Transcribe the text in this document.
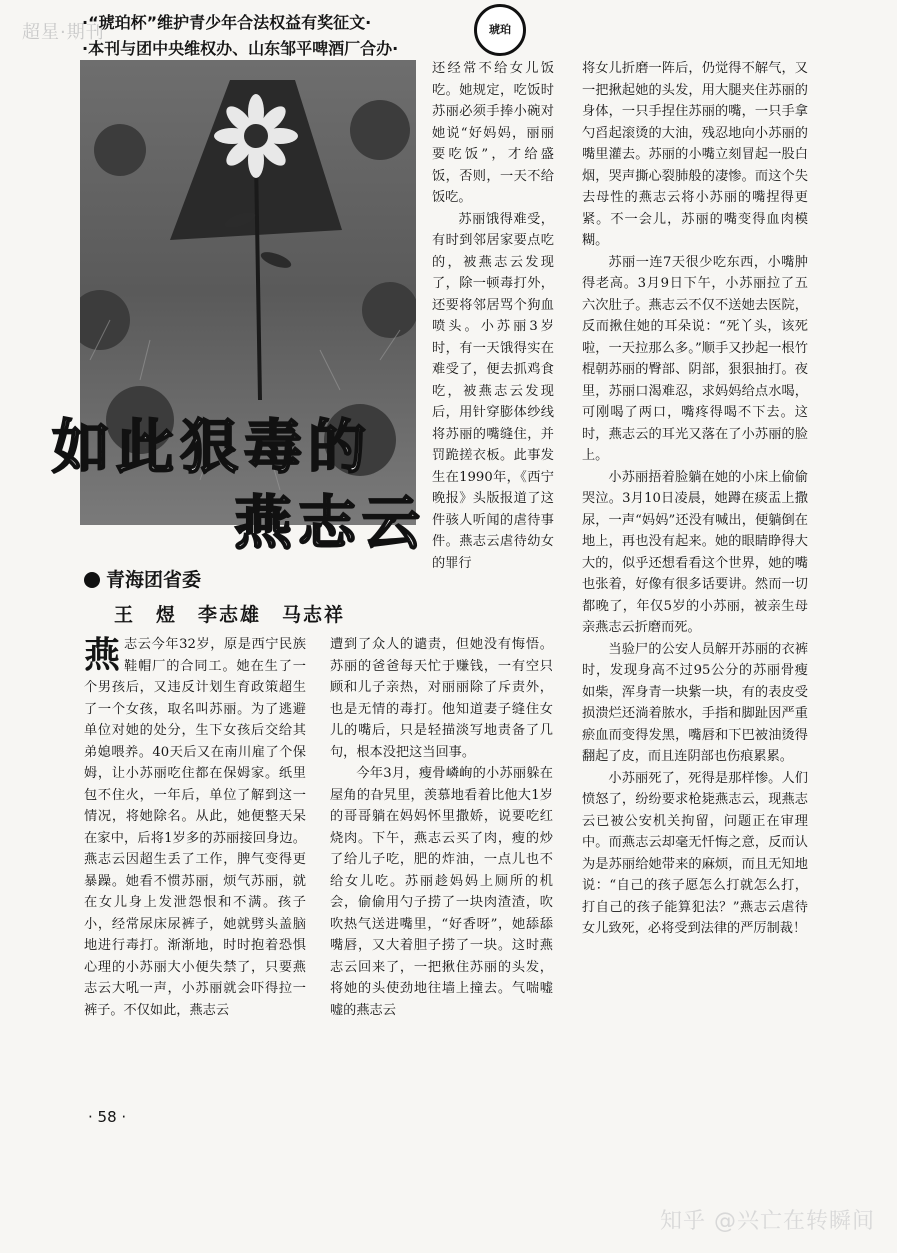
超星·期刊
·“琥珀杯”维护青少年合法权益有奖征文·
·本刊与团中央维权办、山东邹平啤酒厂合办·
琥珀
如此狠毒的
燕志云
青海团省委
王　煜　李志雄　马志祥

燕志云今年32岁，原是西宁民族鞋帽厂的合同工。她在生了一个男孩后，又违反计划生育政策超生了一个女孩，取名叫苏丽。为了逃避单位对她的处分，生下女孩后交给其弟媳喂养。40天后又在南川雇了个保姆，让小苏丽吃住都在保姆家。纸里包不住火，一年后，单位了解到这一情况，将她除名。从此，她便整天呆在家中，后将1岁多的苏丽接回身边。燕志云因超生丢了工作，脾气变得更暴躁。她看不惯苏丽，烦气苏丽，就在女儿身上发泄怨恨和不满。孩子小，经常尿床尿裤子，她就劈头盖脑地进行毒打。渐渐地，时时抱着恐惧心理的小苏丽大小便失禁了，只要燕志云大吼一声，小苏丽就会吓得拉一裤子。不仅如此，燕志云

还经常不给女儿饭吃。她规定，吃饭时苏丽必须手捧小碗对她说“好妈妈，丽丽要吃饭”，才给盛饭，否则，一天不给饭吃。

苏丽饿得难受，有时到邻居家要点吃的，被燕志云发现了，除一顿毒打外，还要将邻居骂个狗血喷头。小苏丽3岁时，有一天饿得实在难受了，便去抓鸡食吃，被燕志云发现后，用针穿膨体纱线将苏丽的嘴缝住，并罚跪搓衣板。此事发生在1990年，《西宁晚报》头版报道了这件骇人听闻的虐待事件。燕志云虐待幼女的罪行

遭到了众人的谴责，但她没有悔悟。苏丽的爸爸每天忙于赚钱，一有空只顾和儿子亲热，对丽丽除了斥责外，也是无情的毒打。他知道妻子缝住女儿的嘴后，只是轻描淡写地责备了几句，根本没把这当回事。

今年3月，瘦骨嶙峋的小苏丽躲在屋角的旮旯里，羡慕地看着比他大1岁的哥哥躺在妈妈怀里撒娇，说要吃红烧肉。下午，燕志云买了肉，瘦的炒了给儿子吃，肥的炸油，一点儿也不给女儿吃。苏丽趁妈妈上厕所的机会，偷偷用勺子捞了一块肉渣渣，吹吹热气送进嘴里，“好香呀”，她舔舔嘴唇，又大着胆子捞了一块。这时燕志云回来了，一把揪住苏丽的头发，将她的头使劲地往墙上撞去。气喘嘘嘘的燕志云

将女儿折磨一阵后，仍觉得不解气，又一把揪起她的头发，用大腿夹住苏丽的身体，一只手捏住苏丽的嘴，一只手拿勺舀起滚烫的大油，残忍地向小苏丽的嘴里灌去。苏丽的小嘴立刻冒起一股白烟，哭声撕心裂肺般的凄惨。而这个失去母性的燕志云将小苏丽的嘴捏得更紧。不一会儿，苏丽的嘴变得血肉模糊。

苏丽一连7天很少吃东西，小嘴肿得老高。3月9日下午，小苏丽拉了五六次肚子。燕志云不仅不送她去医院，反而揪住她的耳朵说：“死丫头，该死啦，一天拉那么多。”顺手又抄起一根竹棍朝苏丽的臀部、阴部，狠狠抽打。夜里，苏丽口渴难忍，求妈妈给点水喝，可刚喝了两口，嘴疼得喝不下去。这时，燕志云的耳光又落在了小苏丽的脸上。

小苏丽捂着脸躺在她的小床上偷偷哭泣。3月10日凌晨，她蹲在痰盂上撒尿，一声“妈妈”还没有喊出，便躺倒在地上，再也没有起来。她的眼睛睁得大大的，似乎还想看看这个世界，她的嘴也张着，好像有很多话要讲。然而一切都晚了，年仅5岁的小苏丽，被亲生母亲燕志云折磨而死。

当验尸的公安人员解开苏丽的衣裤时，发现身高不过95公分的苏丽骨瘦如柴，浑身青一块紫一块，有的表皮受损溃烂还淌着脓水，手指和脚趾因严重瘀血而变得发黑，嘴唇和下巴被油烫得翻起了皮，而且连阴部也伤痕累累。

小苏丽死了，死得是那样惨。人们愤怒了，纷纷要求枪毙燕志云，现燕志云已被公安机关拘留，问题正在审理中。而燕志云却毫无忏悔之意，反而认为是苏丽给她带来的麻烦，而且无知地说：“自己的孩子愿怎么打就怎么打，打自己的孩子能算犯法？”燕志云虐待女儿致死，必将受到法律的严厉制裁！

· 58 ·
知乎 @兴亡在转瞬间
